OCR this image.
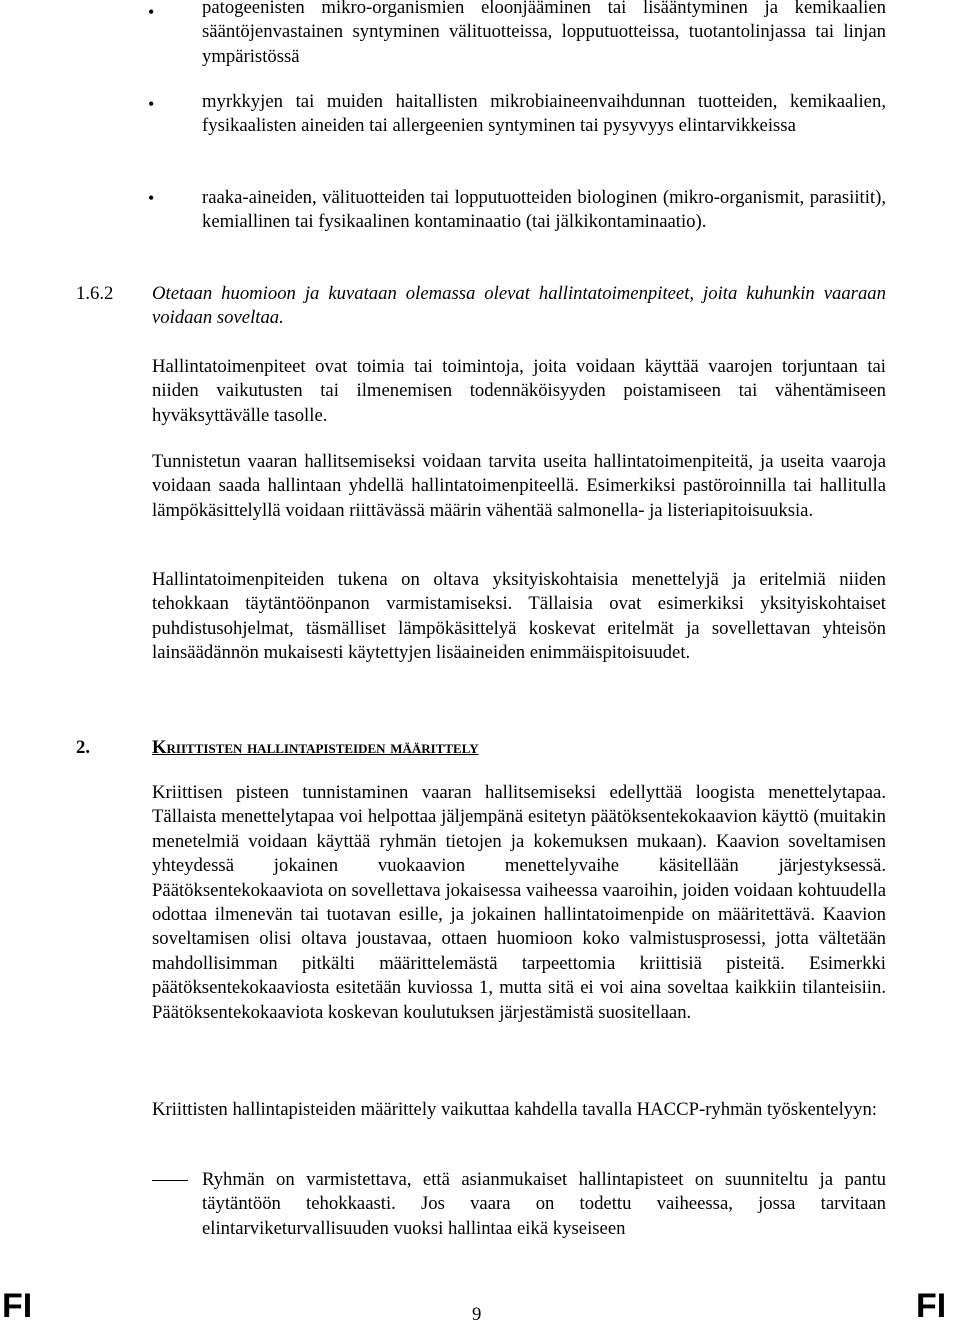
•	patogeenisten mikro-organismien eloonjääminen tai lisääntyminen ja kemikaalien sääntöjenvastainen syntyminen välituotteissa, lopputuotteissa, tuotantolinjassa tai linjan ympäristössä
•	myrkkyjen tai muiden haitallisten mikrobiaineenvaihdunnan tuotteiden, kemikaalien, fysikaalisten aineiden tai allergeenien syntyminen tai pysyvyys elintarvikkeissa
•	raaka-aineiden, välituotteiden tai lopputuotteiden biologinen (mikro-organismit, parasiitit), kemiallinen tai fysikaalinen kontaminaatio (tai jälkikontaminaatio).
1.6.2 Otetaan huomioon ja kuvataan olemassa olevat hallintatoimenpiteet, joita kuhunkin vaaraan voidaan soveltaa.
Hallintatoimenpiteet ovat toimia tai toimintoja, joita voidaan käyttää vaarojen torjuntaan tai niiden vaikutusten tai ilmenemisen todennäköisyyden poistamiseen tai vähentämiseen hyväksyttävälle tasolle.
Tunnistetun vaaran hallitsemiseksi voidaan tarvita useita hallintatoimenpiteitä, ja useita vaaroja voidaan saada hallintaan yhdellä hallintatoimenpiteellä. Esimerkiksi pastöroinnilla tai hallitulla lämpökäsittelyllä voidaan riittävässä määrin vähentää salmonella- ja listeriapitoisuuksia.
Hallintatoimenpiteiden tukena on oltava yksityiskohtaisia menettelyjä ja eritelmiä niiden tehokkaan täytäntöönpanon varmistamiseksi. Tällaisia ovat esimerkiksi yksityiskohtaiset puhdistusohjelmat, täsmälliset lämpökäsittelyä koskevat eritelmät ja sovellettavan yhteisön lainsäädännön mukaisesti käytettyjen lisäaineiden enimmäispitoisuudet.
2.	Kriittisten hallintapisteiden määrittely
Kriittisen pisteen tunnistaminen vaaran hallitsemiseksi edellyttää loogista menettelytapaa. Tällaista menettelytapaa voi helpottaa jäljempänä esitetyn päätöksentekokaavion käyttö (muitakin menetelmiä voidaan käyttää ryhmän tietojen ja kokemuksen mukaan). Kaavion soveltamisen yhteydessä jokainen vuokaavion menettelyvaihe käsitellään järjestyksessä. Päätöksentekokaaviota on sovellettava jokaisessa vaiheessa vaaroihin, joiden voidaan kohtuudella odottaa ilmenevän tai tuotavan esille, ja jokainen hallintatoimenpide on määritettävä. Kaavion soveltamisen olisi oltava joustavaa, ottaen huomioon koko valmistusprosessi, jotta vältetään mahdollisimman pitkälti määrittelemästä tarpeettomia kriittisiä pisteitä. Esimerkki päätöksentekokaaviosta esitetään kuviossa 1, mutta sitä ei voi aina soveltaa kaikkiin tilanteisiin. Päätöksentekokaaviota koskevan koulutuksen järjestämistä suositellaan.
Kriittisten hallintapisteiden määrittely vaikuttaa kahdella tavalla HACCP-ryhmän työskentelyyn:
Ryhmän on varmistettava, että asianmukaiset hallintapisteet on suunniteltu ja pantu täytäntöön tehokkaasti. Jos vaara on todettu vaiheessa, jossa tarvitaan elintarviketurvallisuuden vuoksi hallintaa eikä kyseiseen
FI	9	FI
